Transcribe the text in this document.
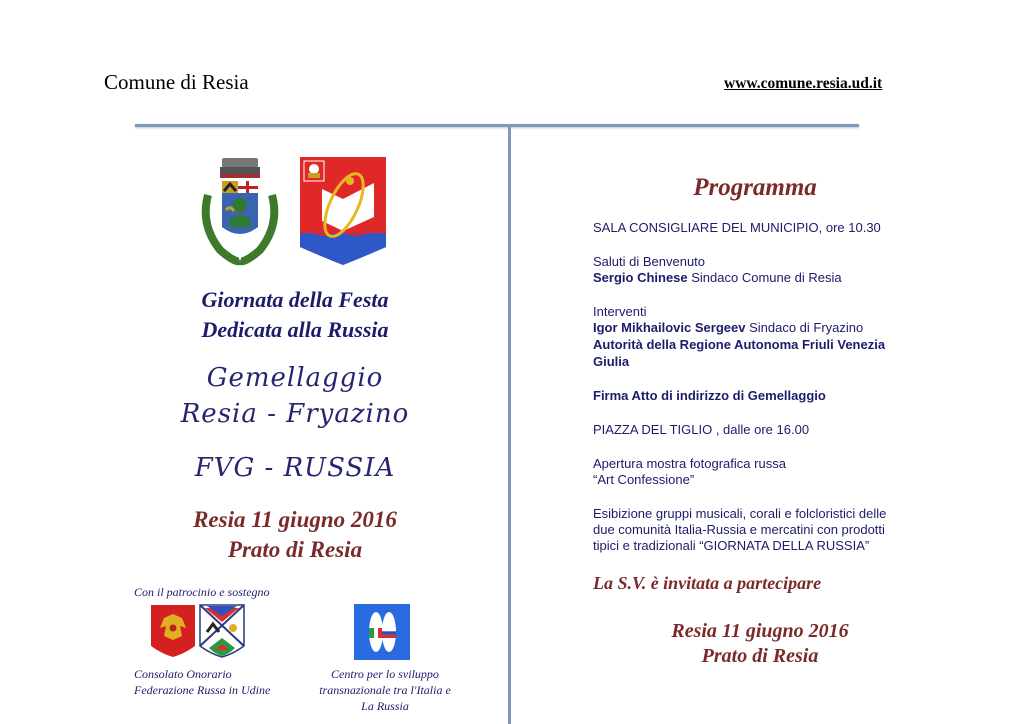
Comune di Resia	www.comune.resia.ud.it
Giornata della Festa
Dedicata alla Russia
Gemellaggio
Resia - Fryazino
FVG - RUSSIA
Resia 11 giugno 2016
Prato di Resia
Con il patrocinio e sostegno
Consolato Onorario
Federazione Russa in Udine
Centro per lo sviluppo
transnazionale tra l'Italia e
La Russia
Programma
SALA CONSIGLIARE DEL MUNICIPIO, ore 10.30
Saluti di Benvenuto
Sergio Chinese Sindaco Comune di Resia
Interventi
Igor Mikhailovic Sergeev Sindaco di Fryazino
Autorità della Regione Autonoma Friuli Venezia
Giulia
Firma Atto di indirizzo di Gemellaggio
PIAZZA DEL TIGLIO , dalle ore 16.00
Apertura mostra fotografica russa
“Art Confessione”
Esibizione gruppi musicali, corali e folcloristici delle
due comunità Italia-Russia e mercatini con prodotti
tipici e tradizionali “GIORNATA DELLA RUSSIA”
La S.V. è invitata a partecipare
Resia 11 giugno 2016
Prato di Resia
